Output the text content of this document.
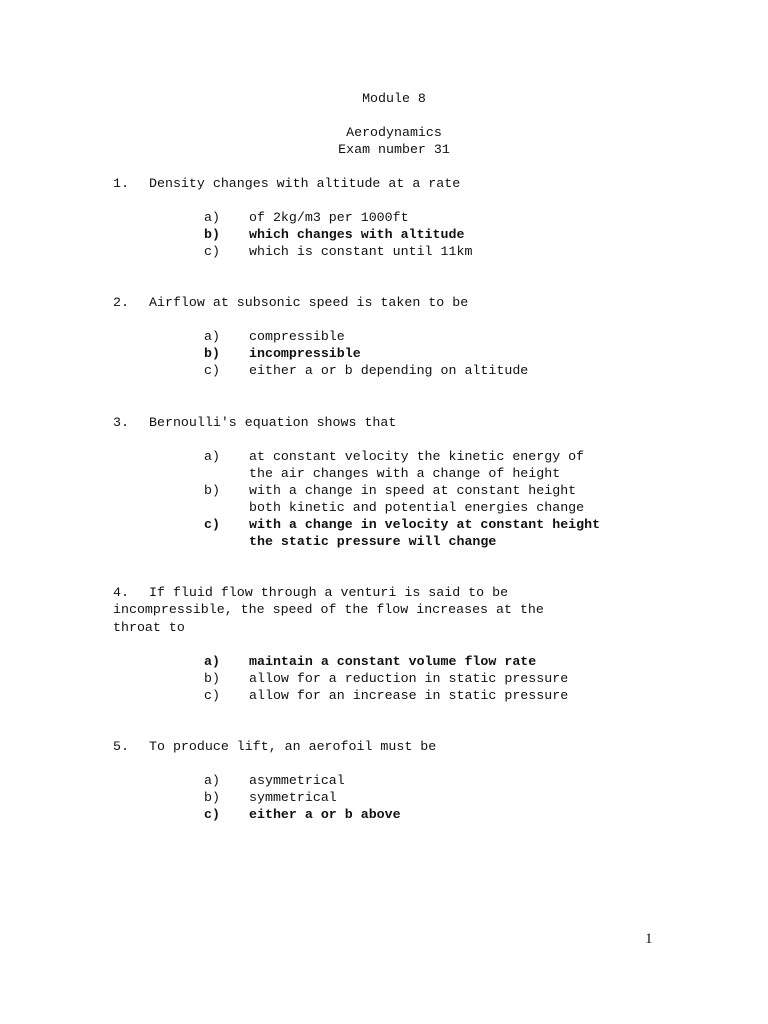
Module 8
Aerodynamics
Exam number 31
1. Density changes with altitude at a rate
a) of 2kg/m3 per 1000ft
b) which changes with altitude
c) which is constant until 11km
2. Airflow at subsonic speed is taken to be
a) compressible
b) incompressible
c) either a or b depending on altitude
3. Bernoulli's equation shows that
a) at constant velocity the kinetic energy of
the air changes with a change of height
b) with a change in speed at constant height
both kinetic and potential energies change
c) with a change in velocity at constant height
the static pressure will change
4. If fluid flow through a venturi is said to be
incompressible, the speed of the flow increases at the
throat to
a) maintain a constant volume flow rate
b) allow for a reduction in static pressure
c) allow for an increase in static pressure
5. To produce lift, an aerofoil must be
a) asymmetrical
b) symmetrical
c) either a or b above
1
